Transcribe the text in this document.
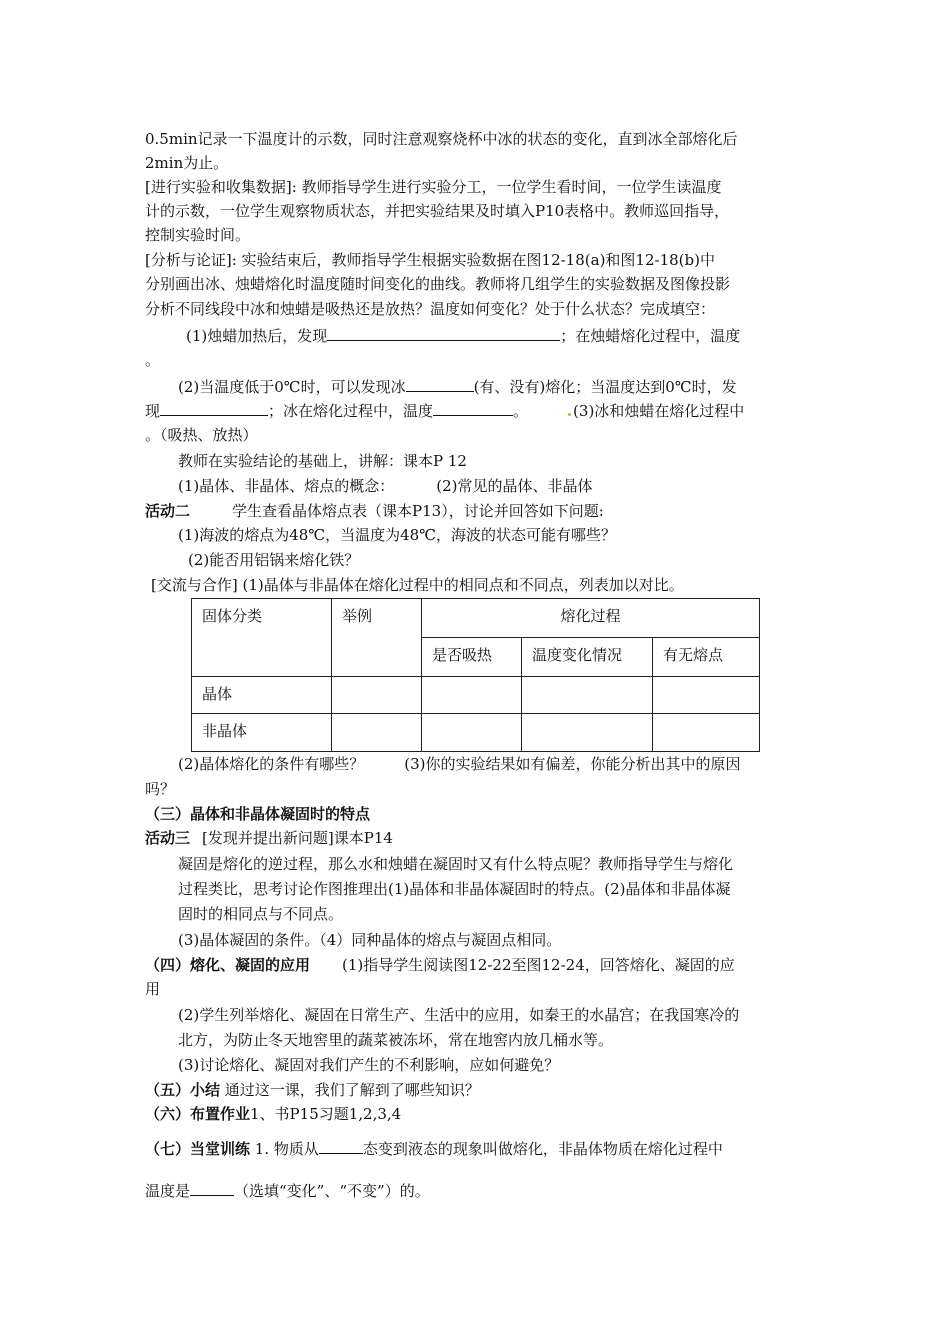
0.5min记录一下温度计的示数，同时注意观察烧杯中冰的状态的变化，直到冰全部熔化后
2min为止。
[进行实验和收集数据]: 教师指导学生进行实验分工，一位学生看时间，一位学生读温度
计的示数，一位学生观察物质状态，并把实验结果及时填入P10表格中。教师巡回指导，
控制实验时间。
[分析与论证]: 实验结束后，教师指导学生根据实验数据在图12-18(a)和图12-18(b)中
分别画出冰、烛蜡熔化时温度随时间变化的曲线。教师将几组学生的实验数据及图像投影
分析不同线段中冰和烛蜡是吸热还是放热？温度如何变化？处于什么状态？完成填空：
(1)烛蜡加热后，发现	；在烛蜡熔化过程中，温度
。
(2)当温度低于0℃时，可以发现冰	(有、没有)熔化；当温度达到0℃时，发
现	；冰在熔化过程中，温度	。	(3)冰和烛蜡在熔化过程中
。（吸热、放热）
教师在实验结论的基础上，讲解：课本P 12
(1)晶体、非晶体、熔点的概念：	(2)常见的晶体、非晶体
活动二	学生查看晶体熔点表（课本P13），讨论并回答如下问题:
(1)海波的熔点为48℃，当温度为48℃，海波的状态可能有哪些？
(2)能否用铝锅来熔化铁？
[交流与合作] (1)晶体与非晶体在熔化过程中的相同点和不同点，列表加以对比。
固体分类	举例	熔化过程		
		是否吸热	温度变化情况	有无熔点
晶体				
非晶体				
(2)晶体熔化的条件有哪些？	(3)你的实验结果如有偏差，你能分析出其中的原因
吗？
（三）晶体和非晶体凝固时的特点
活动三 [发现并提出新问题]课本P14
凝固是熔化的逆过程，那么水和烛蜡在凝固时又有什么特点呢？教师指导学生与熔化
过程类比，思考讨论作图推理出(1)晶体和非晶体凝固时的特点。(2)晶体和非晶体凝
固时的相同点与不同点。
(3)晶体凝固的条件。（4）同种晶体的熔点与凝固点相同。
（四）熔化、凝固的应用 (1)指导学生阅读图12-22至图12-24，回答熔化、凝固的应
用
(2)学生列举熔化、凝固在日常生产、生活中的应用，如秦王的水晶宫；在我国寒冷的
北方，为防止冬天地窖里的蔬菜被冻坏，常在地窖内放几桶水等。
(3)讨论熔化、凝固对我们产生的不利影响，应如何避免？
（五）小结 通过这一课，我们了解到了哪些知识？
（六）布置作业1、书P15习题1,2,3,4
（七）当堂训练 1. 物质从	态变到液态的现象叫做熔化，非晶体物质在熔化过程中
温度是	（选填“变化”、“不变”）的。
